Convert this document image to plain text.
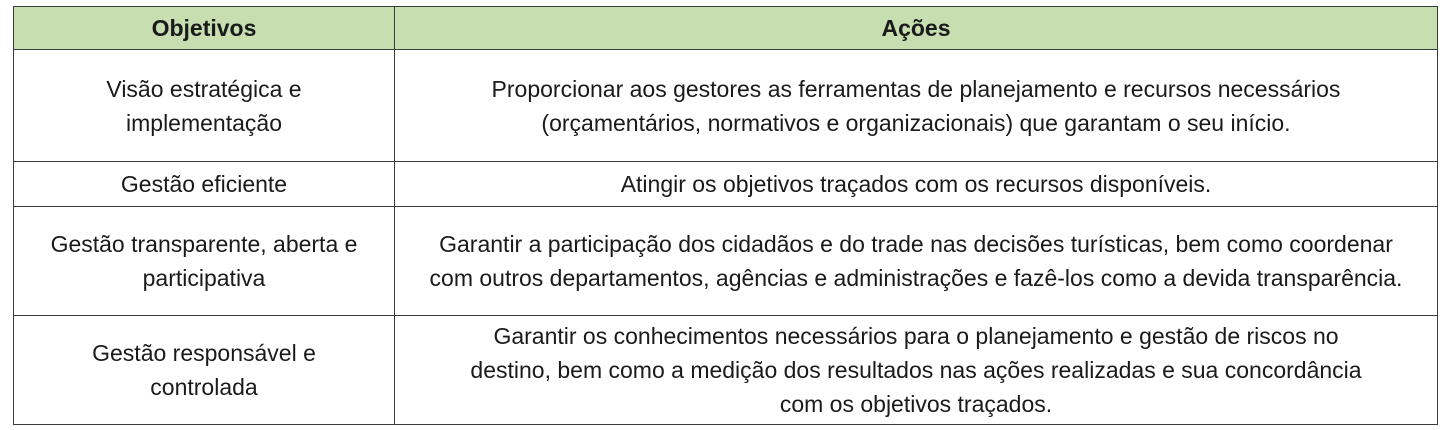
Objetivos	Ações
Visão estratégica e implementação	Proporcionar aos gestores as ferramentas de planejamento e recursos necessários (orçamentários, normativos e organizacionais) que garantam o seu início.
Gestão eficiente	Atingir os objetivos traçados com os recursos disponíveis.
Gestão transparente, aberta e participativa	Garantir a participação dos cidadãos e do trade nas decisões turísticas, bem como coordenar com outros departamentos, agências e administrações e fazê-los como a devida transparência.
Gestão responsável e controlada	Garantir os conhecimentos necessários para o planejamento e gestão de riscos no destino, bem como a medição dos resultados nas ações realizadas e sua concordância com os objetivos traçados.
